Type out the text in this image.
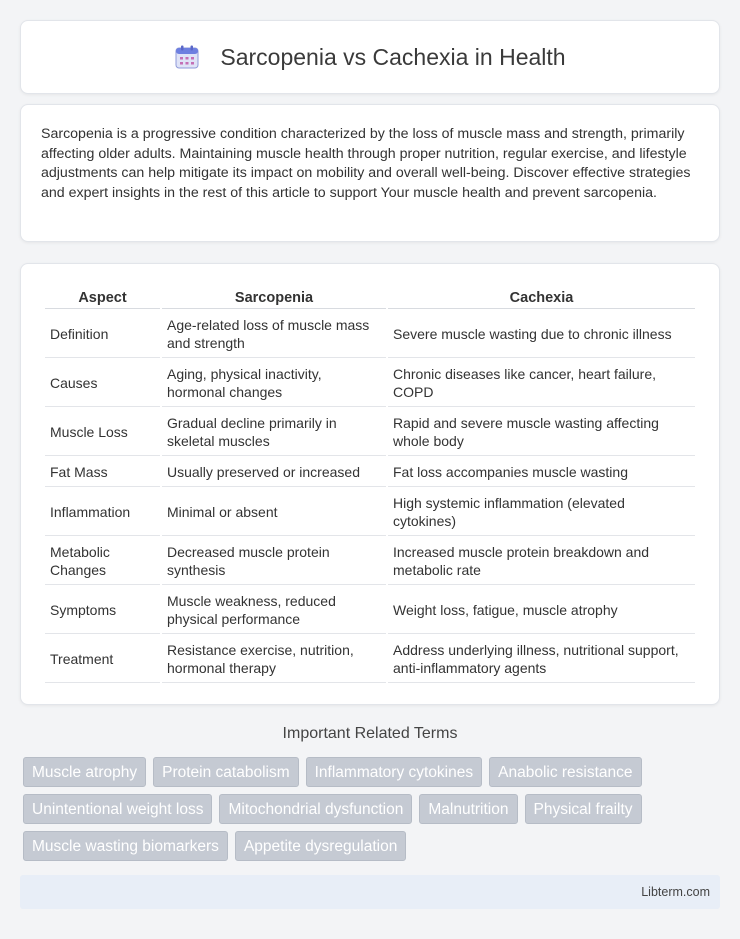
Sarcopenia vs Cachexia in Health

Sarcopenia is a progressive condition characterized by the loss of muscle mass and strength, primarily affecting older adults. Maintaining muscle health through proper nutrition, regular exercise, and lifestyle adjustments can help mitigate its impact on mobility and overall well-being. Discover effective strategies and expert insights in the rest of this article to support Your muscle health and prevent sarcopenia.

Aspect	Sarcopenia	Cachexia
Definition	Age-related loss of muscle mass and strength	Severe muscle wasting due to chronic illness
Causes	Aging, physical inactivity, hormonal changes	Chronic diseases like cancer, heart failure, COPD
Muscle Loss	Gradual decline primarily in skeletal muscles	Rapid and severe muscle wasting affecting whole body
Fat Mass	Usually preserved or increased	Fat loss accompanies muscle wasting
Inflammation	Minimal or absent	High systemic inflammation (elevated cytokines)
Metabolic Changes	Decreased muscle protein synthesis	Increased muscle protein breakdown and metabolic rate
Symptoms	Muscle weakness, reduced physical performance	Weight loss, fatigue, muscle atrophy
Treatment	Resistance exercise, nutrition, hormonal therapy	Address underlying illness, nutritional support, anti-inflammatory agents
Important Related Terms
Muscle atrophy	Protein catabolism	Inflammatory cytokines	Anabolic resistance
Unintentional weight loss	Mitochondrial dysfunction	Malnutrition	Physical frailty
Muscle wasting biomarkers	Appetite dysregulation
Libterm.com
